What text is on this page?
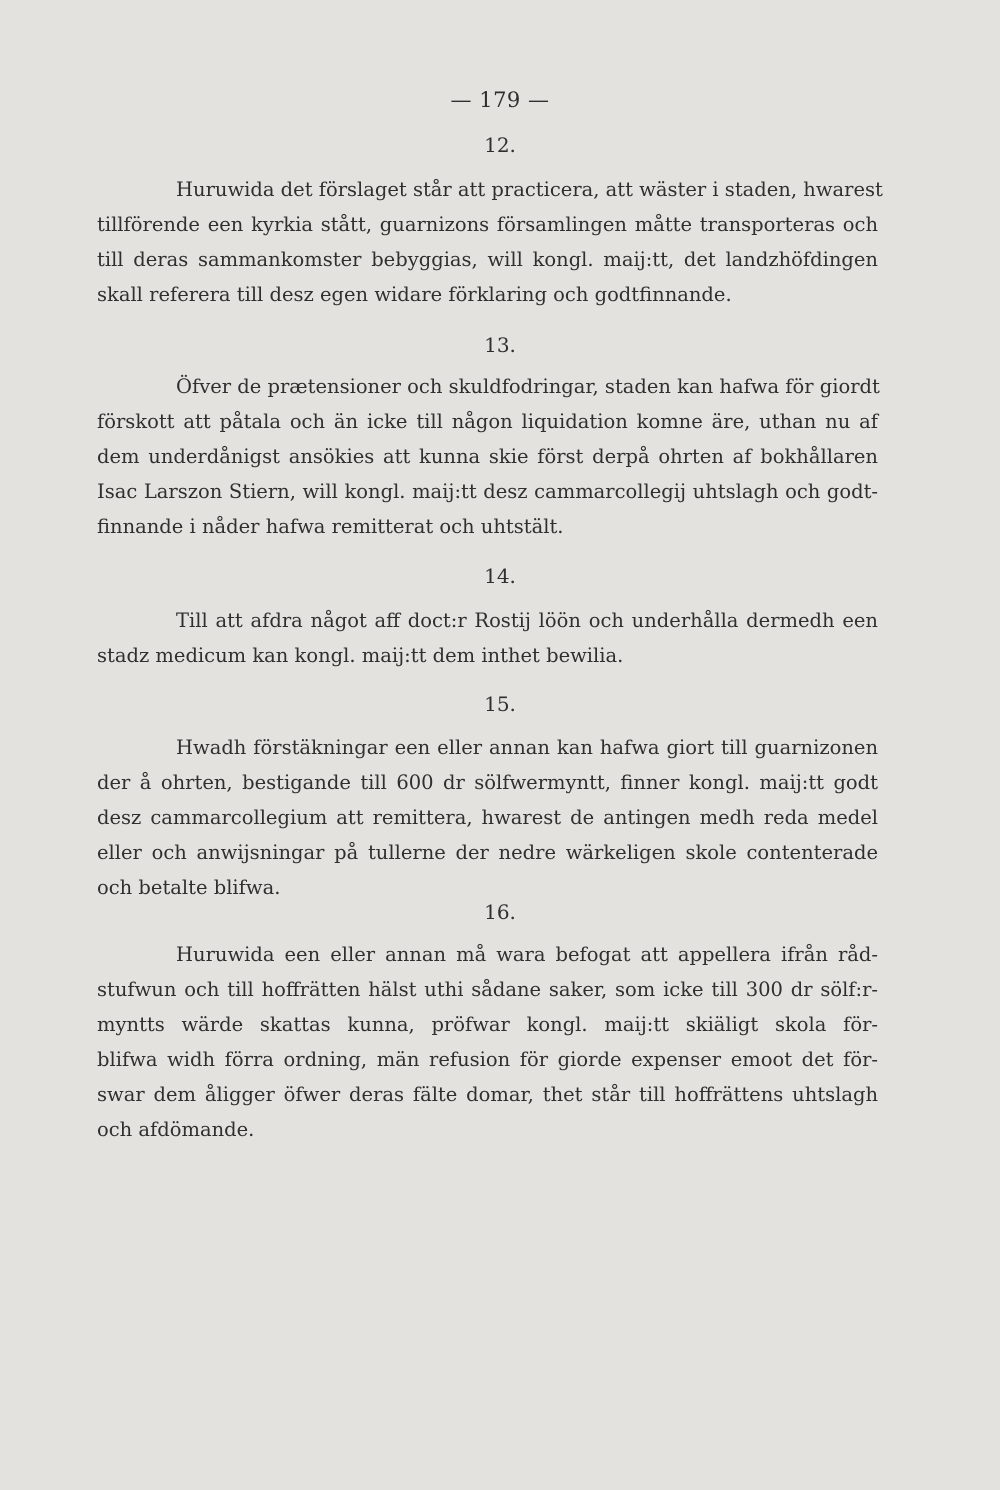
— 179 —
12.
Huruwida det förslaget står att practicera, att wäster i staden, hwarest
tillförende een kyrkia stått, guarnizons församlingen måtte transporteras och
till deras sammankomster bebyggias, will kongl. maij:tt, det landzhöfdingen
skall referera till desz egen widare förklaring och godtfinnande.
13.
Öfver de prætensioner och skuldfodringar, staden kan hafwa för giordt
förskott att påtala och än icke till någon liquidation komne äre, uthan nu af
dem underdånigst ansökies att kunna skie först derpå ohrten af bokhållaren
Isac Larszon Stiern, will kongl. maij:tt desz cammarcollegij uhtslagh och godt-
finnande i nåder hafwa remitterat och uhtstält.
14.
Till att afdra något aff doct:r Rostij löön och underhålla dermedh een
stadz medicum kan kongl. maij:tt dem inthet bewilia.
15.
Hwadh förstäkningar een eller annan kan hafwa giort till guarnizonen
der å ohrten, bestigande till 600 dr sölfwermyntt, finner kongl. maij:tt godt
desz cammarcollegium att remittera, hwarest de antingen medh reda medel
eller och anwijsningar på tullerne der nedre wärkeligen skole contenterade
och betalte blifwa.
16.
Huruwida een eller annan må wara befogat att appellera ifrån råd-
stufwun och till hoffrätten hälst uthi sådane saker, som icke till 300 dr sölf:r-
myntts wärde skattas kunna, pröfwar kongl. maij:tt skiäligt skola för-
blifwa widh förra ordning, män refusion för giorde expenser emoot det för-
swar dem åligger öfwer deras fälte domar, thet står till hoffrättens uhtslagh
och afdömande.
